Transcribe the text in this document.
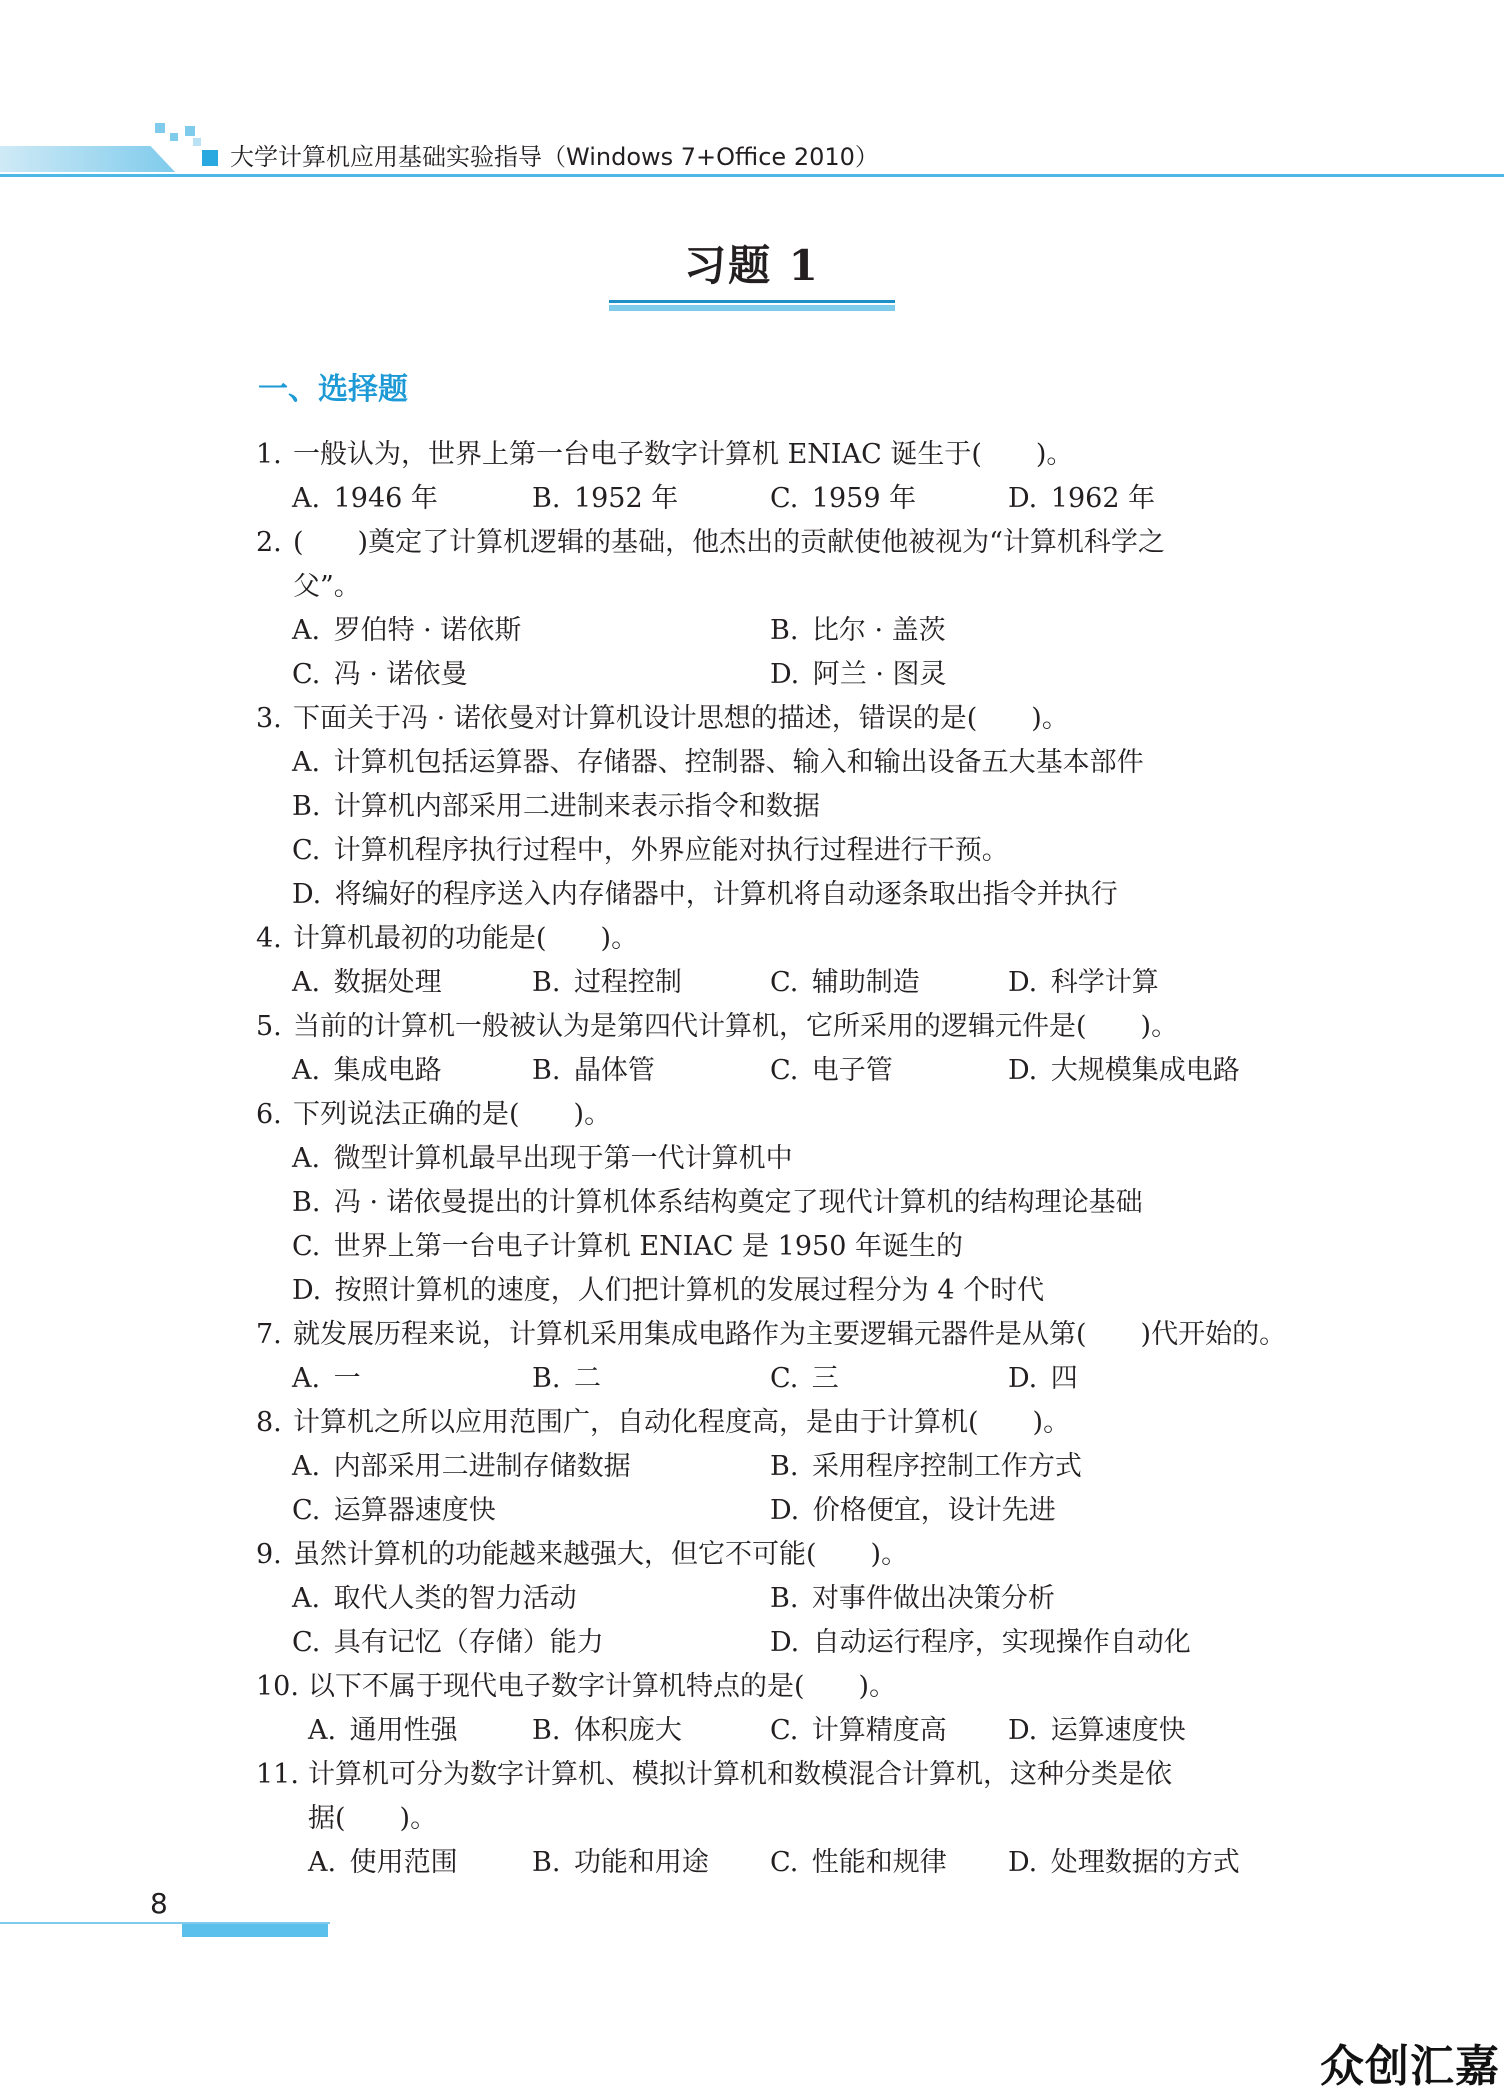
大学计算机应用基础实验指导（Windows 7+Office 2010）
习题 1
一、选择题
1. 一般认为，世界上第一台电子数字计算机 ENIAC 诞生于(　　)。
A.  1946 年	B.  1952 年	C.  1959 年	D.  1962 年
2. (　　)奠定了计算机逻辑的基础，他杰出的贡献使他被视为“计算机科学之
父”。
A.  罗伯特 · 诺依斯	B.  比尔 · 盖茨
C.  冯 · 诺依曼	D.  阿兰 · 图灵
3. 下面关于冯 · 诺依曼对计算机设计思想的描述，错误的是(　　)。
A.  计算机包括运算器、存储器、控制器、输入和输出设备五大基本部件
B.  计算机内部采用二进制来表示指令和数据
C.  计算机程序执行过程中，外界应能对执行过程进行干预。
D.  将编好的程序送入内存储器中，计算机将自动逐条取出指令并执行
4. 计算机最初的功能是(　　)。
A.  数据处理	B.  过程控制	C.  辅助制造	D.  科学计算
5. 当前的计算机一般被认为是第四代计算机，它所采用的逻辑元件是(　　)。
A.  集成电路	B.  晶体管	C.  电子管	D.  大规模集成电路
6. 下列说法正确的是(　　)。
A.  微型计算机最早出现于第一代计算机中
B.  冯 · 诺依曼提出的计算机体系结构奠定了现代计算机的结构理论基础
C.  世界上第一台电子计算机 ENIAC 是 1950 年诞生的
D.  按照计算机的速度，人们把计算机的发展过程分为 4 个时代
7. 就发展历程来说，计算机采用集成电路作为主要逻辑元器件是从第(　　)代开始的。
A.  一	B.  二	C.  三	D.  四
8. 计算机之所以应用范围广，自动化程度高，是由于计算机(　　)。
A.  内部采用二进制存储数据	B.  采用程序控制工作方式
C.  运算器速度快	D.  价格便宜，设计先进
9. 虽然计算机的功能越来越强大，但它不可能(　　)。
A.  取代人类的智力活动	B.  对事件做出决策分析
C.  具有记忆（存储）能力	D.  自动运行程序，实现操作自动化
10. 以下不属于现代电子数字计算机特点的是(　　)。
A.  通用性强	B.  体积庞大	C.  计算精度高 D.  运算速度快
11. 计算机可分为数字计算机、模拟计算机和数模混合计算机，这种分类是依
据(　　)。
A.  使用范围	B.  功能和用途 C.  性能和规律 D.  处理数据的方式
8
众创汇嘉
